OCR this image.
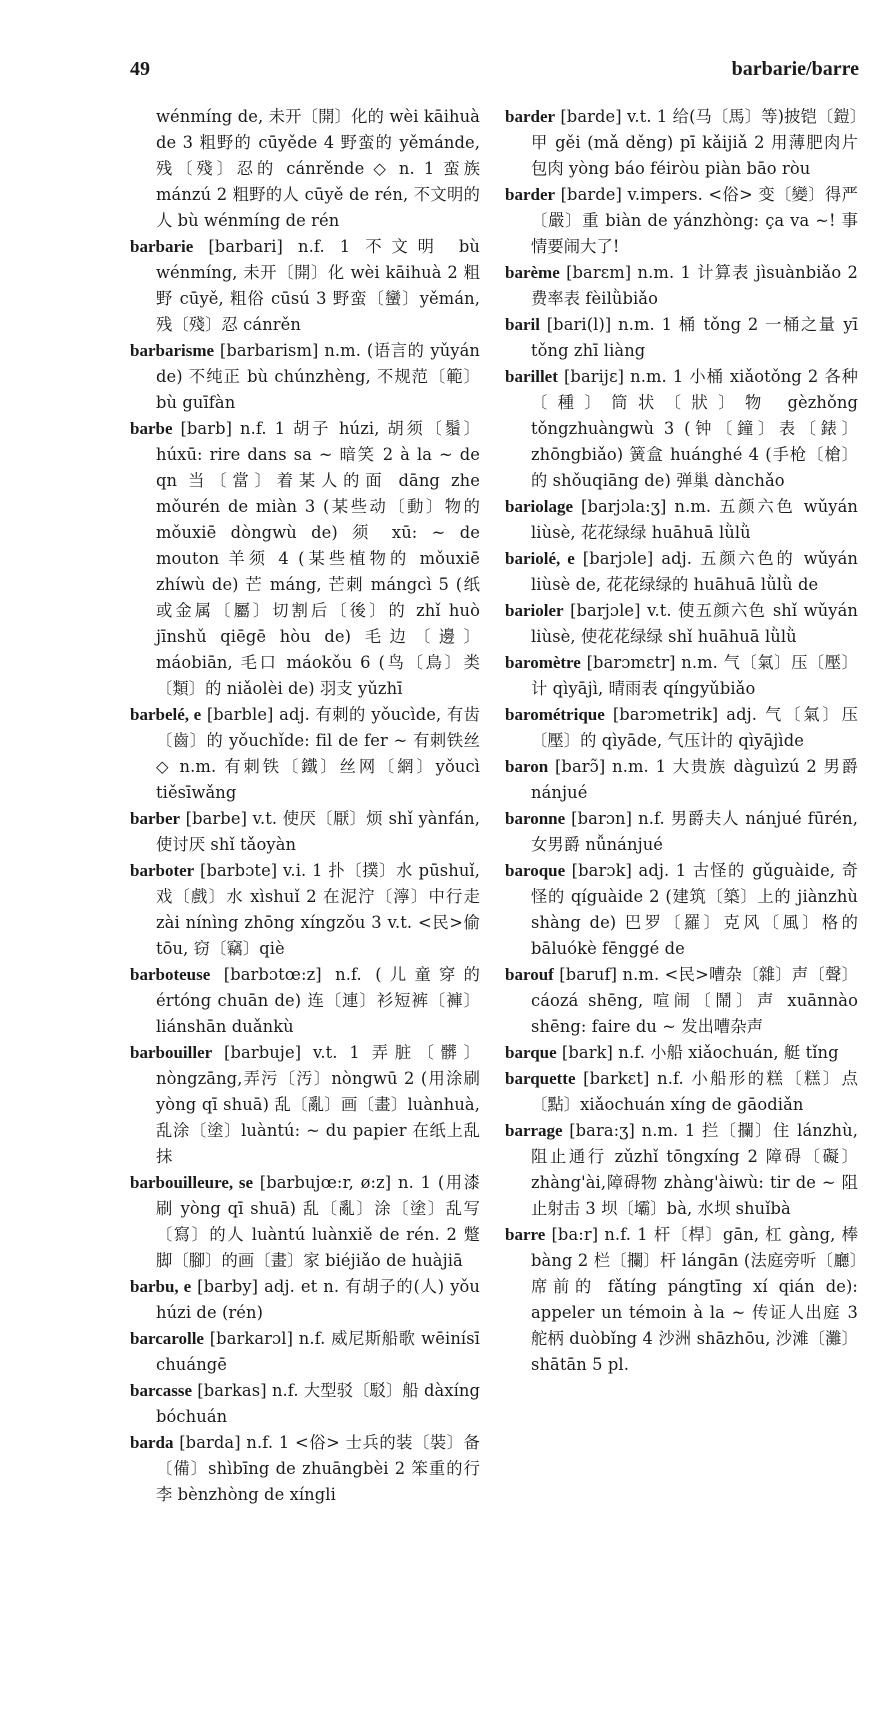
49	barbarie/barre

wénmíng de, 未开〔開〕化的 wèi kāihuà de 3 粗野的 cūyěde 4 野蛮的 yěmánde, 残〔殘〕忍的 cánrěnde ◇ n. 1 蛮族 mánzú 2 粗野的人 cūyě de rén, 不文明的人 bù wénmíng de rén

barbarie [barbari] n.f. 1 不文明 bù wénmíng, 未开〔開〕化 wèi kāihuà 2 粗野 cūyě, 粗俗 cūsú 3 野蛮〔蠻〕yěmán, 残〔殘〕忍 cánrěn

barbarisme [barbarism] n.m. (语言的 yǔyán de) 不纯正 bù chúnzhèng, 不规范〔範〕bù guīfàn

barbe [barb] n.f. 1 胡子 húzi, 胡须〔鬚〕húxū: rire dans sa ~ 暗笑 2 à la ~ de qn 当〔當〕着某人的面 dāng zhe mǒurén de miàn 3 (某些动〔動〕物的 mǒuxiē dòngwù de) 须 xū: ~ de mouton 羊须 4 (某些植物的 mǒuxiē zhíwù de) 芒 máng, 芒刺 mángcì 5 (纸或金属〔屬〕切割后〔後〕的 zhǐ huò jīnshǔ qiēgē hòu de) 毛边〔邊〕máobiān, 毛口 máokǒu 6 (鸟〔鳥〕类〔類〕的 niǎolèi de) 羽支 yǔzhī

barbelé, e [barble] adj. 有刺的 yǒucìde, 有齿〔齒〕的 yǒuchǐde: fil de fer ~ 有刺铁丝 ◇ n.m. 有刺铁〔鐵〕丝网〔網〕yǒucì tiěsīwǎng

barber [barbe] v.t. 使厌〔厭〕烦 shǐ yànfán, 使讨厌 shǐ tǎoyàn

barboter [barbɔte] v.i. 1 扑〔撲〕水 pūshuǐ, 戏〔戲〕水 xìshuǐ 2 在泥泞〔濘〕中行走 zài nínìng zhōng xíngzǒu 3 v.t. <民>偷 tōu, 窃〔竊〕qiè

barboteuse [barbɔtœ:z] n.f. (儿童穿的 értóng chuān de) 连〔連〕衫短裤〔褲〕liánshān duǎnkù

barbouiller [barbuje] v.t. 1 弄脏〔髒〕nòngzāng,弄污〔汚〕nòngwū 2 (用涂刷 yòng qī shuā) 乱〔亂〕画〔畫〕luànhuà, 乱涂〔塗〕luàntú: ~ du papier 在纸上乱抹

barbouilleure, se [barbujœ:r, ø:z] n. 1 (用漆刷 yòng qī shuā) 乱〔亂〕涂〔塗〕乱写〔寫〕的人 luàntú luànxiě de rén. 2 蹩脚〔腳〕的画〔畫〕家 biéjiǎo de huàjiā

barbu, e [barby] adj. et n. 有胡子的(人) yǒu húzi de (rén)

barcarolle [barkarɔl] n.f. 威尼斯船歌 wēinísī chuángē

barcasse [barkas] n.f. 大型驳〔駁〕船 dàxíng bóchuán

barda [barda] n.f. 1 <俗> 士兵的装〔裝〕备〔備〕shìbīng de zhuāngbèi 2 笨重的行李 bènzhòng de xíngli

barder [barde] v.t. 1 给(马〔馬〕等)披铠〔鎧〕甲 gěi (mǎ děng) pī kǎijiǎ 2 用薄肥肉片包肉 yòng báo féiròu piàn bāo ròu

barder [barde] v.impers. <俗> 变〔變〕得严〔嚴〕重 biàn de yánzhòng: ça va ~! 事情要闹大了!

barème [barɛm] n.m. 1 计算表 jìsuànbiǎo 2 费率表 fèilǜbiǎo

baril [bari(l)] n.m. 1 桶 tǒng 2 一桶之量 yī tǒng zhī liàng

barillet [barijɛ] n.m. 1 小桶 xiǎotǒng 2 各种〔種〕筒状〔狀〕物 gèzhǒng tǒngzhuàngwù 3 (钟〔鐘〕表〔錶〕zhōngbiǎo) 簧盒 huánghé 4 (手枪〔槍〕的 shǒuqiāng de) 弹巢 dànchǎo

bariolage [barjɔla:ʒ] n.m. 五颜六色 wǔyán liùsè, 花花绿绿 huāhuā lǜlǜ

bariolé, e [barjɔle] adj. 五颜六色的 wǔyán liùsè de, 花花绿绿的 huāhuā lǜlǜ de

barioler [barjɔle] v.t. 使五颜六色 shǐ wǔyán liùsè, 使花花绿绿 shǐ huāhuā lǜlǜ

baromètre [barɔmɛtr] n.m. 气〔氣〕压〔壓〕计 qìyājì, 晴雨表 qíngyǔbiǎo

barométrique [barɔmetrik] adj. 气〔氣〕压〔壓〕的 qìyāde, 气压计的 qìyājìde

baron [barɔ̃] n.m. 1 大贵族 dàguìzú 2 男爵 nánjué

baronne [barɔn] n.f. 男爵夫人 nánjué fūrén, 女男爵 nǚnánjué

baroque [barɔk] adj. 1 古怪的 gǔguàide, 奇怪的 qíguàide 2 (建筑〔築〕上的 jiànzhù shàng de) 巴罗〔羅〕克风〔風〕格的 bāluókè fēnggé de

barouf [baruf] n.m. <民>嘈杂〔雜〕声〔聲〕cáozá shēng, 喧闹〔鬧〕声 xuānnào shēng: faire du ~ 发出嘈杂声

barque [bark] n.f. 小船 xiǎochuán, 艇 tǐng

barquette [barkɛt] n.f. 小船形的糕〔糕〕点〔點〕xiǎochuán xíng de gāodiǎn

barrage [bara:ʒ] n.m. 1 拦〔攔〕住 lánzhù, 阻止通行 zǔzhǐ tōngxíng 2 障碍〔礙〕zhàng'ài,障碍物 zhàng'àiwù: tir de ~ 阻止射击 3 坝〔壩〕bà, 水坝 shuǐbà

barre [ba:r] n.f. 1 杆〔桿〕gān, 杠 gàng, 棒 bàng 2 栏〔攔〕杆 lángān (法庭旁听〔廳〕席前的 fǎtíng pángtīng xí qián de): appeler un témoin à la ~ 传证人出庭 3 舵柄 duòbǐng 4 沙洲 shāzhōu, 沙滩〔灘〕shātān 5 pl.
